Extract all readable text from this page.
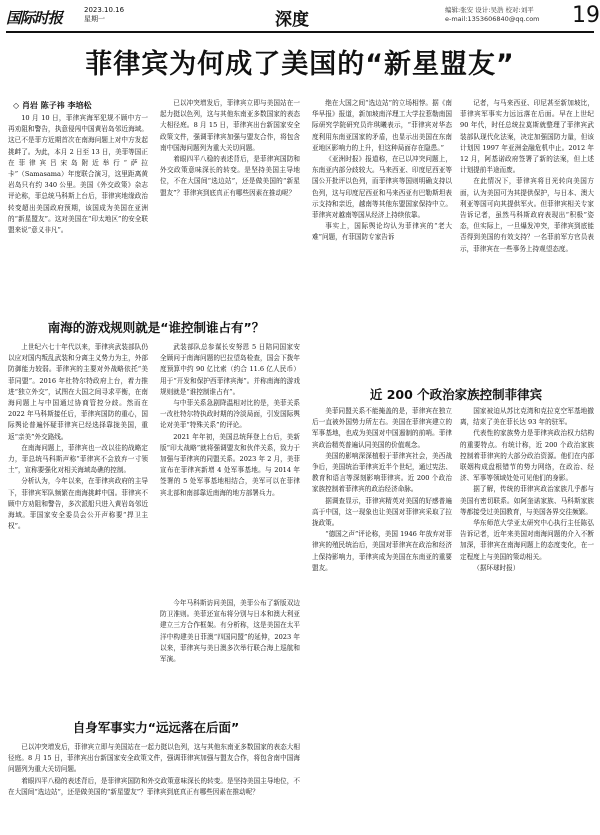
国际时报	2023.10.16
星期一	深度	编辑:张安 设计:吴浩 校对:刘平
e-mail:1353606840@qq.com 19
菲律宾为何成了美国的“新星盟友”
◇ 肖岩 陈子祎 李培松

10 月 10 日，菲律宾海军犯规不顾中方一再劝阻和警告，执意侵闯中国黄岩岛邻近海域。这已不是菲方近期首次在南海问题上对中方发起挑衅了。为此，本月 2 日至 13 日，美菲等国正在菲律宾吕宋岛附近举行“萨拉卡”（Samasama）年度联合演习，这里距离黄岩岛只有约 340 公里。美国《外交政策》杂志评论称，菲总统马科斯上台后，菲律宾地缘政治转变超出美国政府预期，该国成为美国在亚洲的“新星盟友”。这对美国在“印太地区”的安全联盟来说“意义非凡”。

已以冲突增发后，菲律宾立即与美国站在一起力挺以色列，这与其他东南亚多数国家的表态大相径庭。8 月 15 日，菲律宾出台新国家安全政策文件，强调菲律宾加强与盟友合作，将包含南中国海问题列为重大关切问题。

着眼四平八稳的表述背后，是菲律宾国防和外交政策意味深长的转变。是坚持美国主导地位，不在大国间“选边站”，还是做美国的“新星盟友”？菲律宾到底真正有哪些因素在推动呢？

绝在大国之间“选边站”的立场相悖。据《南华早报》报道，新加坡南洋理工大学拉惹勒南国际研究学院研究员许琪曦表示，“菲律宾对华态度利用东南亚国家的矛盾，也显示出美国在东南亚地区影响力的上升，但这种局面存在隐患。”

《亚洲时报》报道称，在已以冲突问题上，东南亚内部分歧较大。马来西亚、印度尼西亚等国公开批评以色列，而菲律宾等国则明确支持以色列，这与印度尼西亚和马来西亚有巴勒斯坦表示支持和亲近，越南等其他东盟国家保持中立。菲律宾对越南等国从经济上持续依靠。

事实上，国际舆论均认为菲律宾的“老大难”问题，有菲国防专家告诉

记者，与马来西亚、印尼甚至新加坡比，菲律宾军事实力远远落在后面。早在上世纪 90 年代，时任总统拉莫斯就整理了菲律宾武装部队现代化法案，决定加强国防力量，但该计划因 1997 年亚洲金融危机中止。2012 年 12 月，阿基诺政府签署了新的法案，但上述计划提前半途而废。

在此情况下，菲律宾将目光转向美国方面，认为美国可为其提供保护，与日本、澳大利亚等国可向其提供军火。但菲律宾相关专家告诉记者，虽然马科斯政府表现出“积极”姿态，但实际上，一旦爆发冲突，菲律宾到底能否得到美国的有效支持？一名菲前军方官员表示，菲律宾在一些事务上持观望态度。

南海的游戏规则就是“谁控制谁占有”？

上世纪六七十年代以来，菲律宾武装部队仍以应对国内叛乱武装和分离主义势力为主，外部防御能力较弱。菲律宾的主要对外战略依托“美菲同盟”。2016 年杜特尔特政府上台，着力推进“独立外交”，试图在大国之间寻求平衡，在南海问题上与中国通过协商管控分歧。然而在 2022 年马科斯接任后，菲律宾国防的重心，国际舆论普遍怀疑菲律宾已经选择靠拢美国，重返“亲美”外交路线。

在南海问题上，菲律宾也一改以往的战略定力，菲总统马科斯声称“菲律宾不会放弃一寸领土”，宣称要强化对相关海域岛礁的控制。

分析认为，今年以来，在菲律宾政府的主导下，菲律宾军队频繁在南海挑衅中国。菲律宾不顾中方劝阻和警告，多次派船只进入黄岩岛邻近海域。菲国家安全委员会公开声称要“捍卫主权”。

武装部队总参谋长安努恩 5 日陪同国家安全顾问于南海问题的巴拉望岛检查，国会下拨年度预算中约 90 亿比索（约合 11.6 亿人民币）用于“开发和保护西菲律宾海”。并称南海的游戏规则就是“谁控制谁占有”。

与中菲关系急剧降温相对比的是，美菲关系一改杜特尔特执政时期的冷淡局面，引发国际舆论对美菲“特殊关系”的评论。

2021 年年初，美国总统拜登上台后，美新版“印太战略”就将强调盟友和伙伴关系，致力于加强与菲律宾的同盟关系。2023 年 2 月，美菲宣布在菲律宾新增 4 处军事基地。与 2014 年签署的 5 处军事基地相结合，美军可以在菲律宾北部和南部靠近南海的地方部署兵力。

今年马科斯访问美国，美菲公布了新版双边防卫准则。美菲还宣布将分别与日本和澳大利亚建立三方合作框架。有分析称，这是美国在太平洋中构建美日菲澳“四国同盟”的延伸，2023 年以来，菲律宾与美日澳多次举行联合海上巡航和军演。

美菲同盟关系不能掩盖的是，菲律宾在独立后一直被外国势力所左右。美国在菲律宾建立的军事基地，也成为美国对中国遏制的前哨。菲律宾政治精英普遍认同美国的价值观念。

美国的影响深深植根于菲律宾社会，美西战争后，美国统治菲律宾近半个世纪，通过宪法、教育和语言等深刻影响菲律宾。近 200 个政治家族控制着菲律宾的政治经济命脉。

据调查显示，菲律宾精英对美国的好感普遍高于中国，这一现象也让美国对菲律宾采取了拉拢政策。

“德国之声”评论称，美国 1946 年放弃对菲律宾的殖民统治后，美国对菲律宾在政治和经济上保持影响力，菲律宾成为美国在东南亚的重要盟友。

近 200 个政治家族控制菲律宾

国家被迫从苏比克湾和克拉克空军基地撤离，结束了美在菲长达 93 年的驻军。

代表性的家族势力是菲律宾政治权力结构的重要特点。有统计称，近 200 个政治家族控制着菲律宾的大部分政治资源。他们在内部联姻构成盘根错节的势力网络，在政治、经济、军事等领域处处可见他们的身影。

据了解，传统的菲律宾政治家族几乎都与美国有密切联系。如阿奎诺家族、马科斯家族等都接受过美国教育，与美国各界交往频繁。

华东师范大学亚太研究中心执行主任陈弘告诉记者，近年来美国对南海问题的介入不断加深，菲律宾在南海问题上的态度变化，在一定程度上与美国的策动相关。

（据环球时报）

自身军事实力“远远落在后面”

已以冲突增发后，菲律宾立即与美国站在一起力挺以色列，这与其他东南亚多数国家的表态大相径庭。8 月 15 日，菲律宾出台新国家安全政策文件，强调菲律宾加强与盟友合作，将包含南中国海问题列为重大关切问题。

着眼四平八稳的表述背后，是菲律宾国防和外交政策意味深长的转变。是坚持美国主导地位，不在大国间“选边站”，还是做美国的“新星盟友”？菲律宾到底真正有哪些因素在推动呢？
